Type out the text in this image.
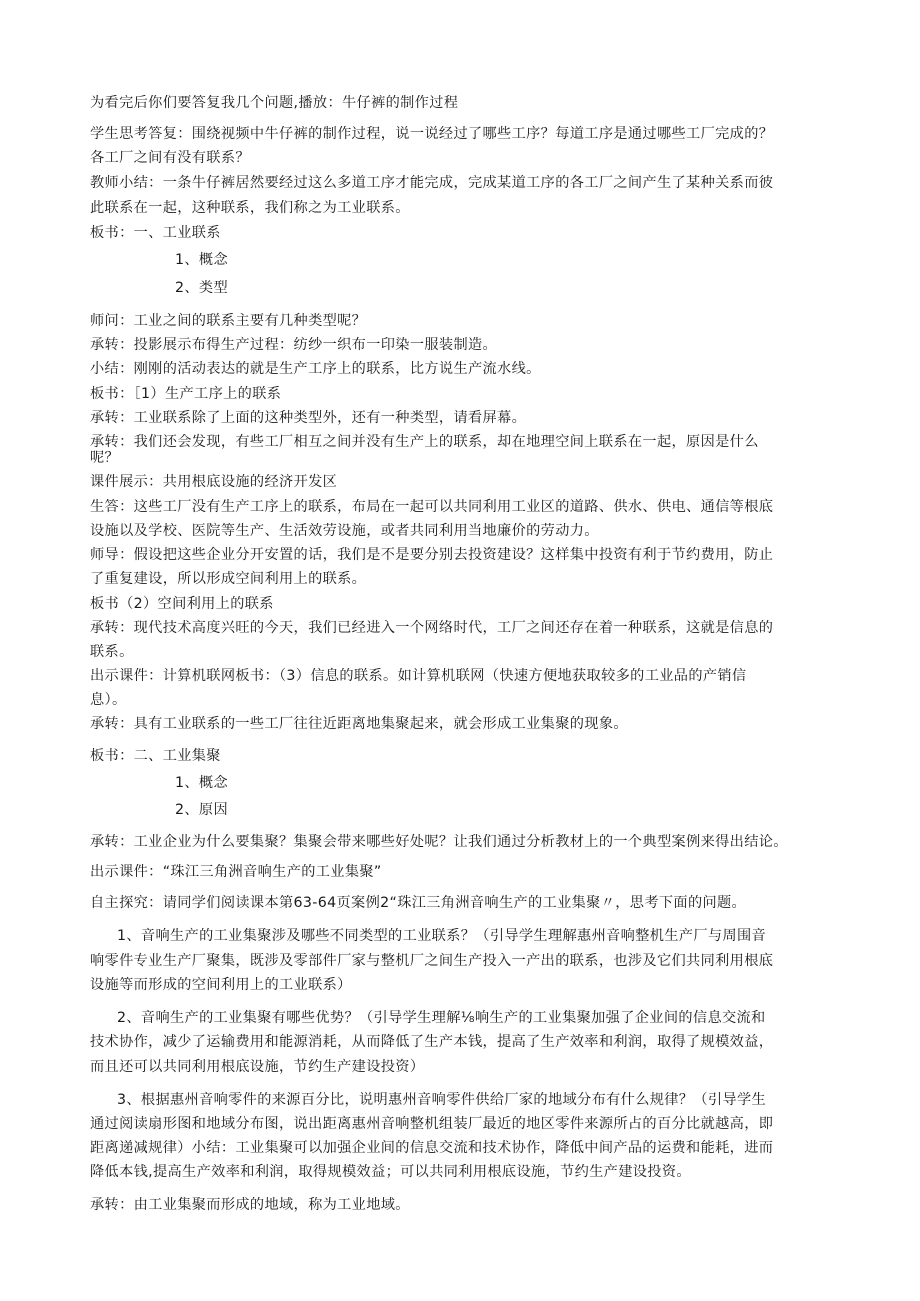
为看完后你们要答复我几个问题,播放：牛仔裤的制作过程
学生思考答复：围绕视频中牛仔裤的制作过程，说一说经过了哪些工序？每道工序是通过哪些工厂完成的？
各工厂之间有没有联系？
教师小结：一条牛仔裤居然要经过这么多道工序才能完成，完成某道工序的各工厂之间产生了某种关系而彼
此联系在一起，这种联系，我们称之为工业联系。
板书：一、工业联系
1、概念
2、类型
师问：工业之间的联系主要有几种类型呢？
承转：投影展示布得生产过程：纺纱一织布一印染一服装制造。
小结：刚刚的活动表达的就是生产工序上的联系，比方说生产流水线。
板书：［1）生产工序上的联系
承转：工业联系除了上面的这种类型外，还有一种类型，请看屏幕。
承转：我们还会发现，有些工厂相互之间并没有生产上的联系，却在地理空间上联系在一起，原因是什么
呢？
课件展示：共用根底设施的经济开发区
生答：这些工厂没有生产工序上的联系，布局在一起可以共同利用工业区的道路、供水、供电、通信等根底
设施以及学校、医院等生产、生活效劳设施，或者共同利用当地廉价的劳动力。
师导：假设把这些企业分开安置的话，我们是不是要分别去投资建设？这样集中投资有利于节约费用，防止
了重复建设，所以形成空间利用上的联系。
板书（2）空间利用上的联系
承转：现代技术高度兴旺的今天，我们已经进入一个网络时代，工厂之间还存在着一种联系，这就是信息的
联系。
出示课件：计算机联网板书：（3）信息的联系。如计算机联网（快速方便地获取较多的工业品的产销信
息）。
承转：具有工业联系的一些工厂往往近距离地集聚起来，就会形成工业集聚的现象。
板书：二、工业集聚
1、概念
2、原因
承转：工业企业为什么要集聚？集聚会带来哪些好处呢？让我们通过分析教材上的一个典型案例来得出结论。
出示课件：“珠江三角洲音响生产的工业集聚”
自主探究：请同学们阅读课本第63-64页案例2“珠江三角洲音响生产的工业集聚〃，思考下面的问题。
1、音响生产的工业集聚涉及哪些不同类型的工业联系？（引导学生理解惠州音响整机生产厂与周围音
响零件专业生产厂聚集，既涉及零部件厂家与整机厂之间生产投入一产出的联系，也涉及它们共同利用根底
设施等而形成的空间利用上的工业联系）
2、音响生产的工业集聚有哪些优势？（引导学生理解⅛响生产的工业集聚加强了企业间的信息交流和
技术协作，减少了运输费用和能源消耗，从而降低了生产本钱，提高了生产效率和利润，取得了规模效益，
而且还可以共同利用根底设施，节约生产建设投资）
3、根据惠州音响零件的来源百分比，说明惠州音响零件供给厂家的地域分布有什么规律？（引导学生
通过阅读扇形图和地域分布图，说出距离惠州音响整机组装厂最近的地区零件来源所占的百分比就越高，即
距离递减规律）小结：工业集聚可以加强企业间的信息交流和技术协作，降低中间产品的运费和能耗，进而
降低本钱,提高生产效率和利润，取得规模效益；可以共同利用根底设施，节约生产建设投资。
承转：由工业集聚而形成的地域，称为工业地域。
